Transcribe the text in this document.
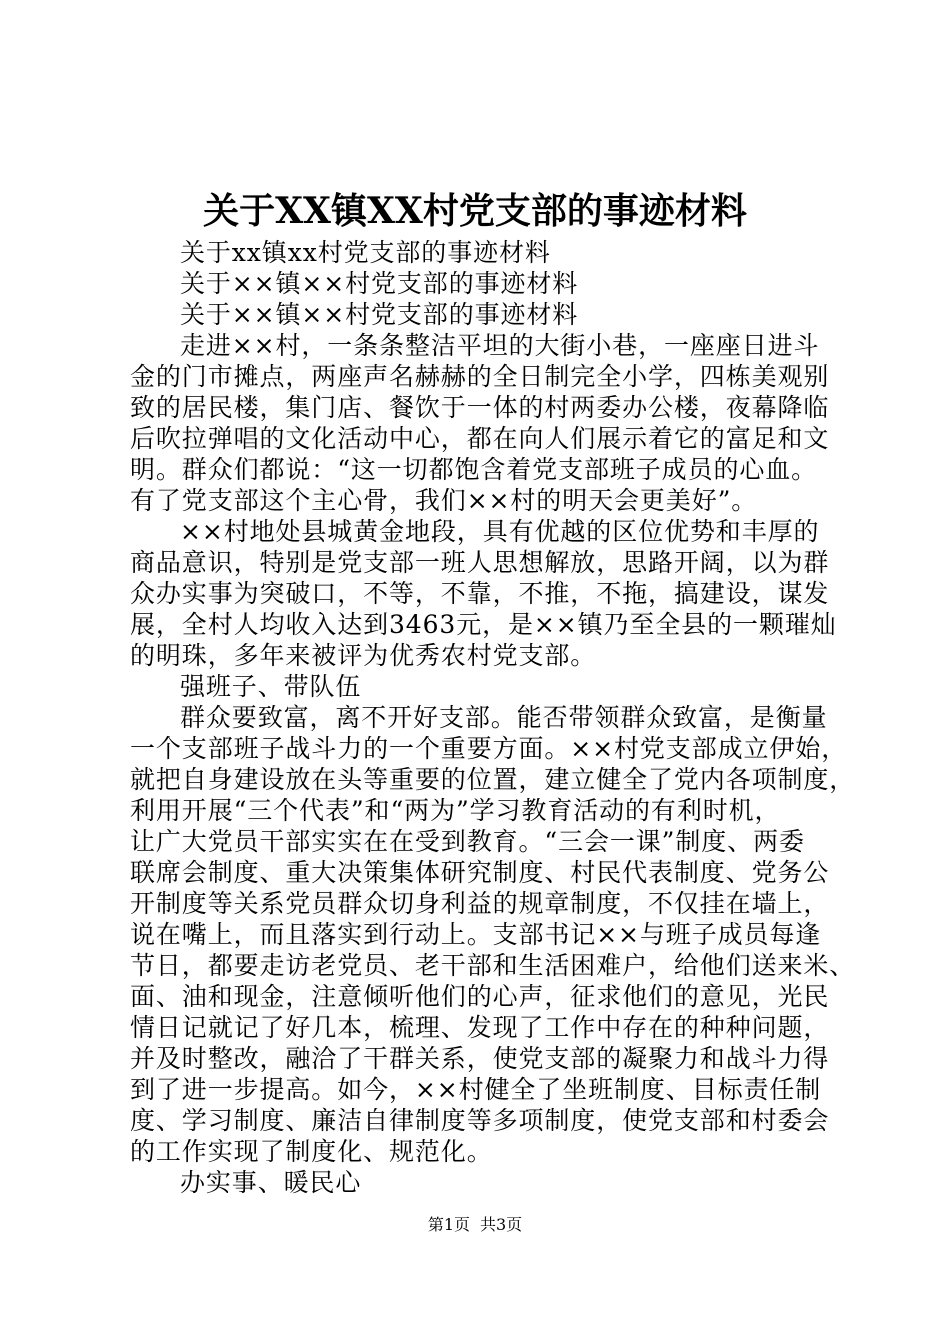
关于XX镇XX村党支部的事迹材料
关于xx镇xx村党支部的事迹材料
关于××镇××村党支部的事迹材料
关于××镇××村党支部的事迹材料
走进××村，一条条整洁平坦的大街小巷，一座座日进斗
金的门市摊点，两座声名赫赫的全日制完全小学，四栋美观别
致的居民楼，集门店、餐饮于一体的村两委办公楼，夜幕降临
后吹拉弹唱的文化活动中心，都在向人们展示着它的富足和文
明。群众们都说：“这一切都饱含着党支部班子成员的心血。
有了党支部这个主心骨，我们××村的明天会更美好”。
××村地处县城黄金地段，具有优越的区位优势和丰厚的
商品意识，特别是党支部一班人思想解放，思路开阔，以为群
众办实事为突破口，不等，不靠，不推，不拖，搞建设，谋发
展，全村人均收入达到3463元，是××镇乃至全县的一颗璀灿
的明珠，多年来被评为优秀农村党支部。
强班子、带队伍
群众要致富，离不开好支部。能否带领群众致富，是衡量
一个支部班子战斗力的一个重要方面。××村党支部成立伊始，
就把自身建设放在头等重要的位置，建立健全了党内各项制度，
利用开展“三个代表”和“两为”学习教育活动的有利时机，
让广大党员干部实实在在受到教育。“三会一课”制度、两委
联席会制度、重大决策集体研究制度、村民代表制度、党务公
开制度等关系党员群众切身利益的规章制度，不仅挂在墙上，
说在嘴上，而且落实到行动上。支部书记××与班子成员每逢
节日，都要走访老党员、老干部和生活困难户，给他们送来米、
面、油和现金，注意倾听他们的心声，征求他们的意见，光民
情日记就记了好几本，梳理、发现了工作中存在的种种问题，
并及时整改，融洽了干群关系，使党支部的凝聚力和战斗力得
到了进一步提高。如今，××村健全了坐班制度、目标责任制
度、学习制度、廉洁自律制度等多项制度，使党支部和村委会
的工作实现了制度化、规范化。
办实事、暖民心
第1页 共3页
